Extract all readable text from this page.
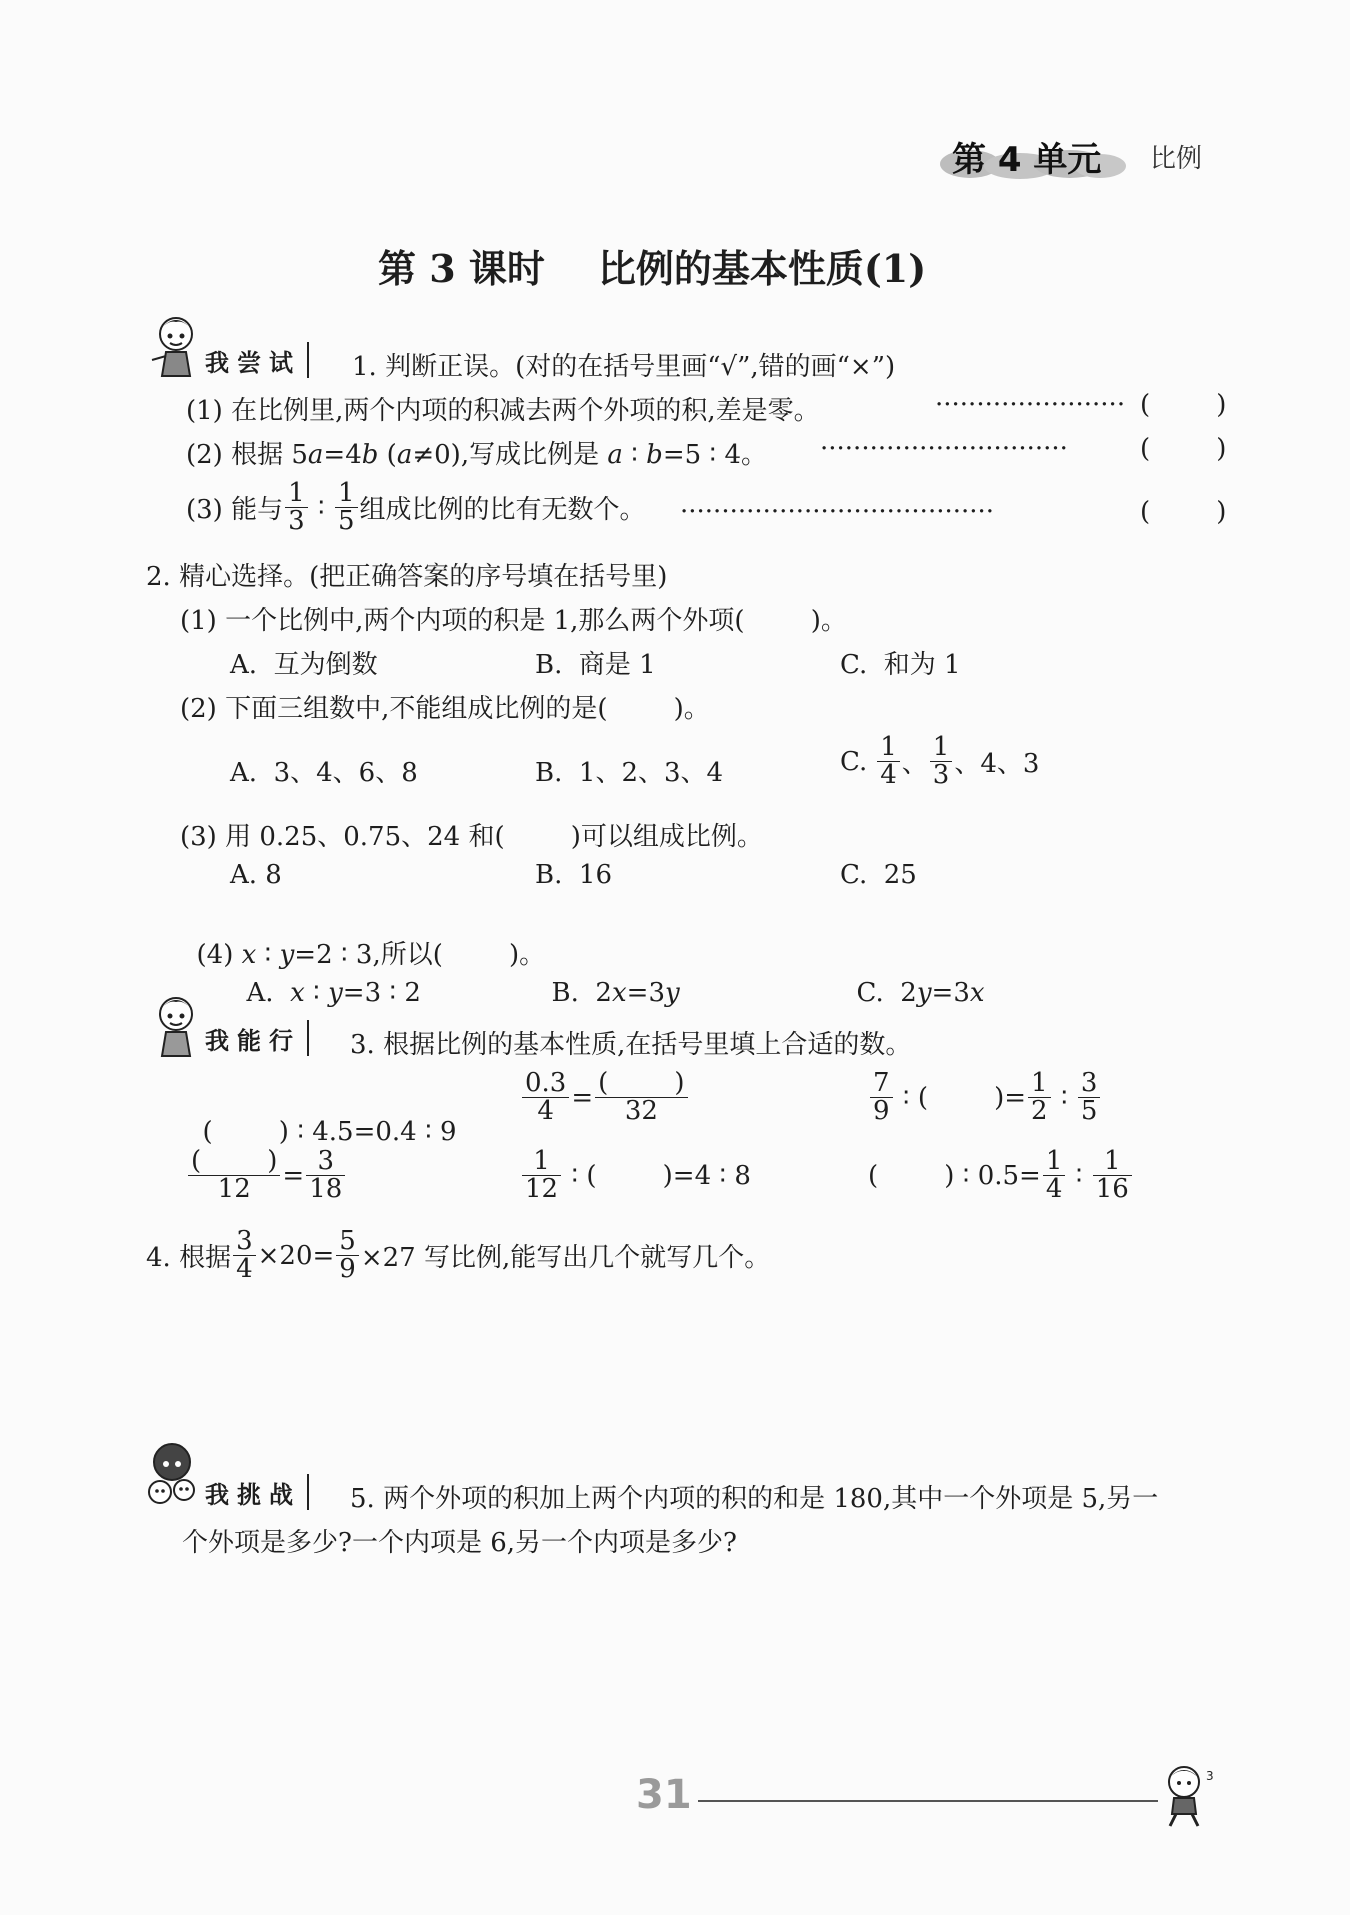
第 4 单元 比例
第 3 课时    比例的基本性质(1)
我尝试 1. 判断正误。(对的在括号里画“√”,错的画“×”)
(1) 在比例里,两个内项的积减去两个外项的积,差是零。	······················· (        )
(2) 根据 5a=4b (a≠0),写成比例是 a ∶ b=5 ∶ 4。 ······························	(        )
(3) 能与 $\frac{1}{3}$ ∶ $\frac{1}{5}$ 组成比例的比有无数个。 ······································	(        )
2. 精心选择。(把正确答案的序号填在括号里)
(1) 一个比例中,两个内项的积是 1,那么两个外项(        )。
A.  互为倒数	B.  商是 1	C.  和为 1
(2) 下面三组数中,不能组成比例的是(        )。
A.  3、4、6、8	B.  1、2、3、4	C. $\frac{1}{4}$ 、 $\frac{1}{3}$ 、4、3
(3) 用 0.25、0.75、24 和(        )可以组成比例。
A. 8	B.  16	C.  25

(4) x ∶ y=2 ∶ 3,所以(        )。

A.  x ∶ y=3 ∶ 2	B.  2x=3y	C.  2y=3x

我能行 3. 根据比例的基本性质,在括号里填上合适的数。

(        ) ∶ 4.5=0.4 ∶ 9

$\frac{0.3}{4} = \frac{( )}{32}$	$\frac{7}{9}$ ∶ (        )= $\frac{1}{2}$ ∶ $\frac{3}{5}$
$\frac{( )}{12} = \frac{3}{18}$	$\frac{1}{12}$ ∶ (        )=4 ∶ 8	(        ) ∶ $0.5= \frac{1}{4}$ ∶ $\frac{1}{16}$
4. 根据 $\frac{3}{4} \times 20= \frac{5}{9} \times 27$ 写比例,能写出几个就写几个。
我挑战 5. 两个外项的积加上两个内项的积的和是 180,其中一个外项是 5,另一
个外项是多少?一个内项是 6,另一个内项是多少?
31	3
